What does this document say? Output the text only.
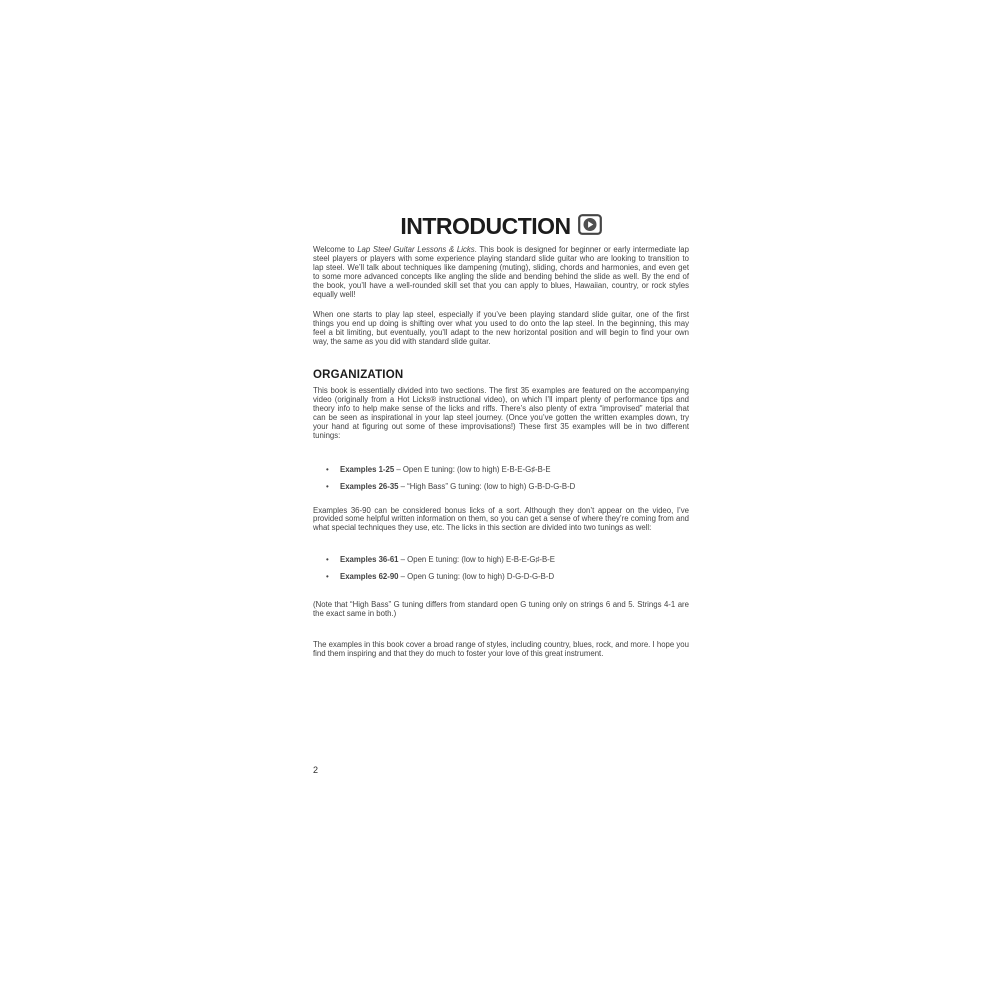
INTRODUCTION

Welcome to Lap Steel Guitar Lessons & Licks. This book is designed for beginner or early intermediate lap steel players or players with some experience playing standard slide guitar who are looking to transition to lap steel. We’ll talk about techniques like dampening (muting), sliding, chords and harmonies, and even get to some more advanced concepts like angling the slide and bending behind the slide as well. By the end of the book, you’ll have a well-rounded skill set that you can apply to blues, Hawaiian, country, or rock styles equally well!

When one starts to play lap steel, especially if you’ve been playing standard slide guitar, one of the first things you end up doing is shifting over what you used to do onto the lap steel. In the beginning, this may feel a bit limiting, but eventually, you’ll adapt to the new horizontal position and will begin to find your own way, the same as you did with standard slide guitar.

ORGANIZATION

This book is essentially divided into two sections. The first 35 examples are featured on the accompanying video (originally from a Hot Licks® instructional video), on which I’ll impart plenty of performance tips and theory info to help make sense of the licks and riffs. There’s also plenty of extra “improvised” material that can be seen as inspirational in your lap steel journey. (Once you’ve gotten the written examples down, try your hand at figuring out some of these improvisations!) These first 35 examples will be in two different tunings:

•	Examples 1-25 – Open E tuning: (low to high) E-B-E-G♯-B-E
•	Examples 26-35 – “High Bass” G tuning: (low to high) G-B-D-G-B-D

Examples 36-90 can be considered bonus licks of a sort. Although they don’t appear on the video, I’ve provided some helpful written information on them, so you can get a sense of where they’re coming from and what special techniques they use, etc. The licks in this section are divided into two tunings as well:

•	Examples 36-61 – Open E tuning: (low to high) E-B-E-G♯-B-E
•	Examples 62-90 – Open G tuning: (low to high) D-G-D-G-B-D

(Note that “High Bass” G tuning differs from standard open G tuning only on strings 6 and 5. Strings 4-1 are the exact same in both.)

The examples in this book cover a broad range of styles, including country, blues, rock, and more. I hope you find them inspiring and that they do much to foster your love of this great instrument.

2
